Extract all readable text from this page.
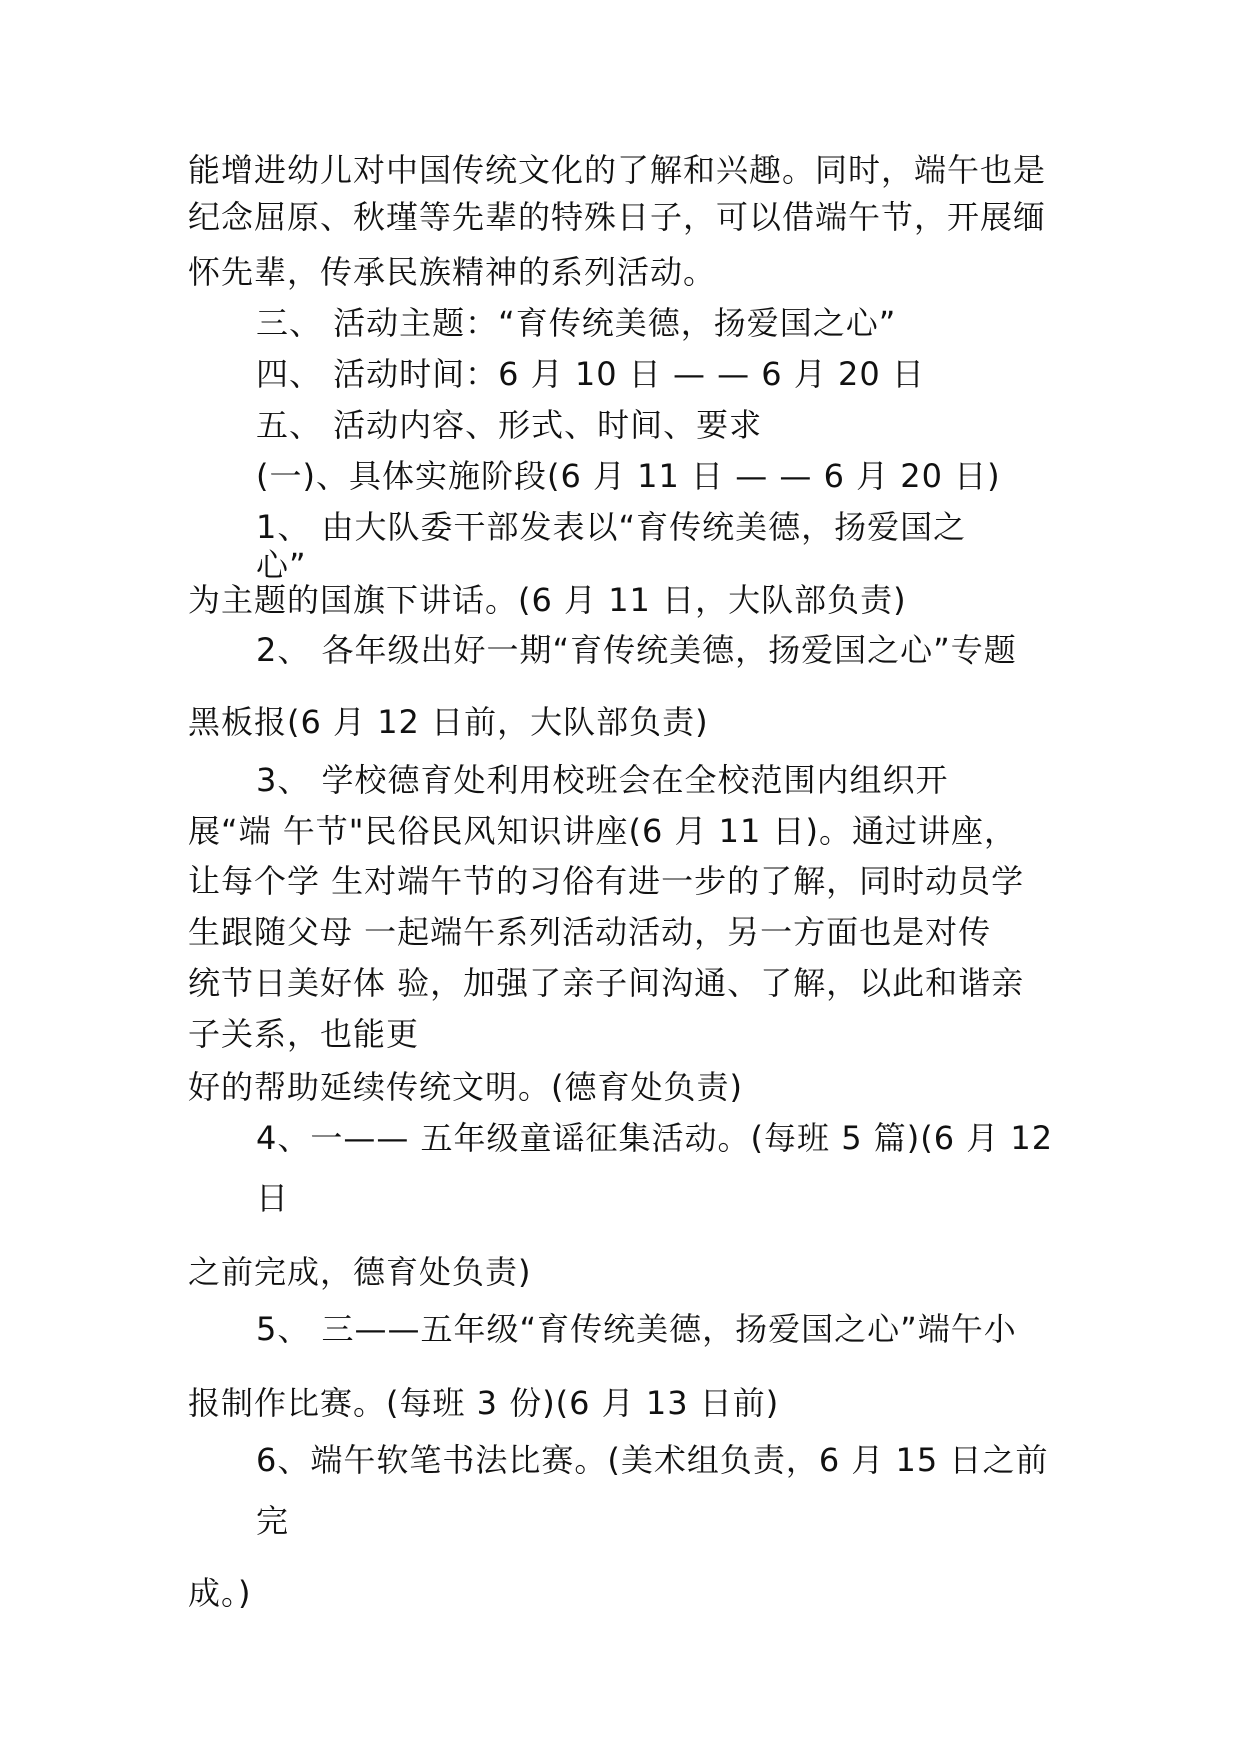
能增进幼儿对中国传统文化的了解和兴趣。同时，端午也是
纪念屈原、秋瑾等先辈的特殊日子，可以借端午节，开展缅
怀先辈，传承民族精神的系列活动。
三、 活动主题：“育传统美德，扬爱国之心”
四、 活动时间：6 月 10 日 — — 6 月 20 日
五、 活动内容、形式、时间、要求
(一)、具体实施阶段(6 月 11 日 — — 6 月 20 日)
1、 由大队委干部发表以“育传统美德，扬爱国之
心”
为主题的国旗下讲话。(6 月 11 日，大队部负责)
2、 各年级出好一期“育传统美德，扬爱国之心”专题
黑板报(6 月 12 日前，大队部负责)
3、 学校德育处利用校班会在全校范围内组织开
展“端 午节"民俗民风知识讲座(6 月 11 日)。通过讲座，
让每个学 生对端午节的习俗有进一步的了解，同时动员学
生跟随父母 一起端午系列活动活动，另一方面也是对传
统节日美好体 验，加强了亲子间沟通、了解，以此和谐亲
子关系，也能更
好的帮助延续传统文明。(德育处负责)
4、一—— 五年级童谣征集活动。(每班 5 篇)(6 月 12
日
之前完成，德育处负责)
5、 三——五年级“育传统美德，扬爱国之心”端午小
报制作比赛。(每班 3 份)(6 月 13 日前)
6、端午软笔书法比赛。(美术组负责，6 月 15 日之前
完
成。)
